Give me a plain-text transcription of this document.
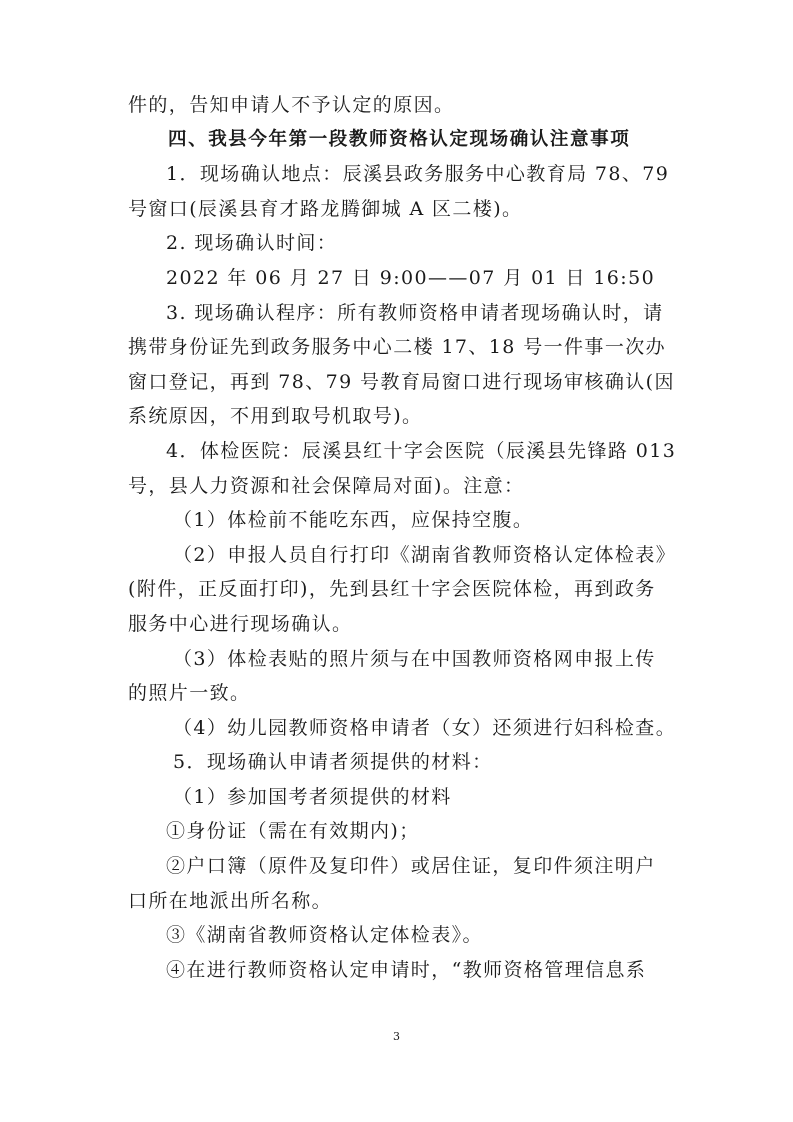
件的，告知申请人不予认定的原因。
四、我县今年第一段教师资格认定现场确认注意事项
1．现场确认地点：辰溪县政务服务中心教育局 78、79
号窗口(辰溪县育才路龙腾御城 A 区二楼)。
2. 现场确认时间：
2022 年 06 月 27 日 9:00——07 月 01 日 16:50
3. 现场确认程序：所有教师资格申请者现场确认时，请
携带身份证先到政务服务中心二楼 17、18 号一件事一次办
窗口登记，再到 78、79 号教育局窗口进行现场审核确认(因
系统原因，不用到取号机取号)。
4．体检医院：辰溪县红十字会医院（辰溪县先锋路 013
号，县人力资源和社会保障局对面)。注意：
（1）体检前不能吃东西，应保持空腹。
（2）申报人员自行打印《湖南省教师资格认定体检表》
(附件，正反面打印)，先到县红十字会医院体检，再到政务
服务中心进行现场确认。
（3）体检表贴的照片须与在中国教师资格网申报上传
的照片一致。
（4）幼儿园教师资格申请者（女）还须进行妇科检查。
5．现场确认申请者须提供的材料：
（1）参加国考者须提供的材料
①身份证（需在有效期内)；
②户口簿（原件及复印件）或居住证，复印件须注明户
口所在地派出所名称。
③《湖南省教师资格认定体检表》。
④在进行教师资格认定申请时，“教师资格管理信息系
3
